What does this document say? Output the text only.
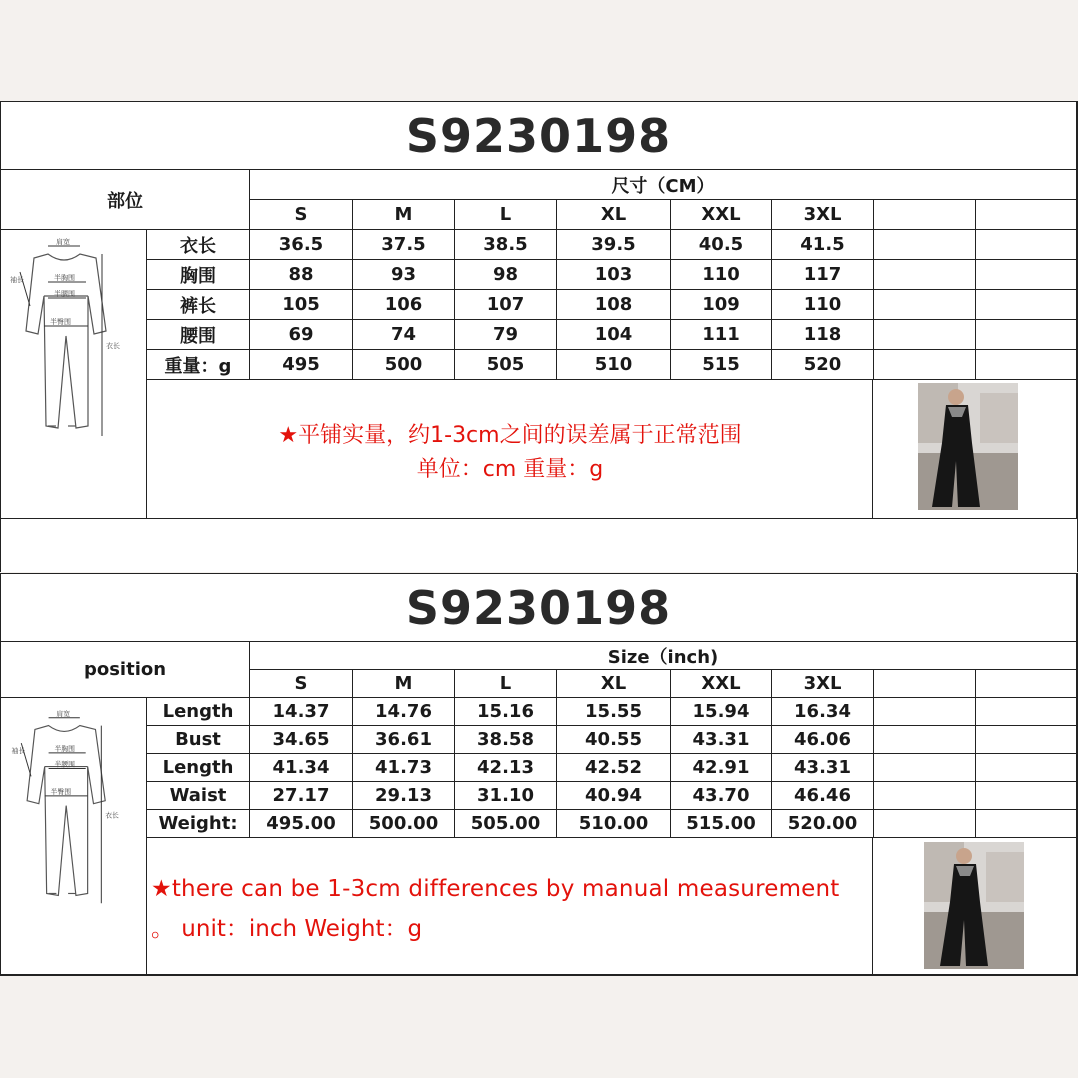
S9230198
部位
尺寸（CM）
★平铺实量，约1-3cm之间的误差属于正常范围
单位：cm 重量：g
S	M	L	XL	XXL	3XL
衣长	36.5	37.5	38.5	39.5	40.5	41.5
胸围	88	93	98	103	110	117
裤长	105	106	107	108	109	110
腰围	69	74	79	104	111	118
重量：g	495	500	505	510	515	520
S9230198
position
Size（inch)
★there can be 1-3cm differences by manual measurement
。 unit：inch Weight：g
S	M	L	XL	XXL	3XL
Length	14.37	14.76	15.16	15.55	15.94	16.34
Bust	34.65	36.61	38.58	40.55	43.31	46.06
Length	41.34	41.73	42.13	42.52	42.91	43.31
Waist	27.17	29.13	31.10	40.94	43.70	46.46
Weight:	495.00	500.00	505.00	510.00	515.00	520.00
肩宽
半胸围
半腰围
半臀围
袖长
衣长
肩宽
半胸围
半腰围
半臀围
袖长
衣长
